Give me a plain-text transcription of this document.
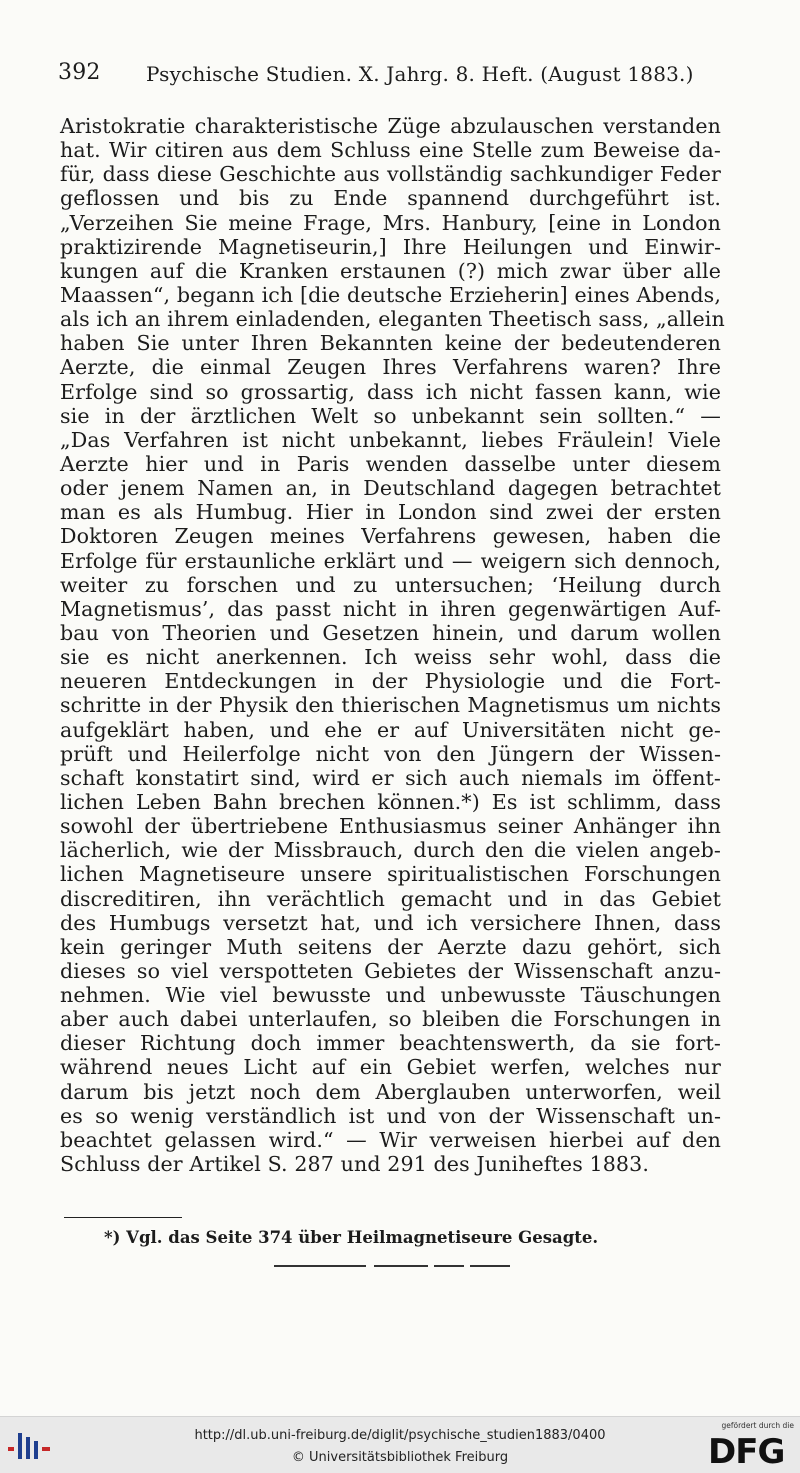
392 Psychische Studien. X. Jahrg. 8. Heft. (August 1883.)
Aristokratie charakteristische Züge abzulauschen verstanden
hat. Wir citiren aus dem Schluss eine Stelle zum Beweise da-
für, dass diese Geschichte aus vollständig sachkundiger Feder
geflossen und bis zu Ende spannend durchgeführt ist.
„Verzeihen Sie meine Frage, Mrs. Hanbury, [eine in London
praktizirende Magnetiseurin,] Ihre Heilungen und Einwir-
kungen auf die Kranken erstaunen (?) mich zwar über alle
Maassen“, begann ich [die deutsche Erzieherin] eines Abends,
als ich an ihrem einladenden, eleganten Theetisch sass, „allein
haben Sie unter Ihren Bekannten keine der bedeutenderen
Aerzte, die einmal Zeugen Ihres Verfahrens waren? Ihre
Erfolge sind so grossartig, dass ich nicht fassen kann, wie
sie in der ärztlichen Welt so unbekannt sein sollten.“ —
„Das Verfahren ist nicht unbekannt, liebes Fräulein! Viele
Aerzte hier und in Paris wenden dasselbe unter diesem
oder jenem Namen an, in Deutschland dagegen betrachtet
man es als Humbug. Hier in London sind zwei der ersten
Doktoren Zeugen meines Verfahrens gewesen, haben die
Erfolge für erstaunliche erklärt und — weigern sich dennoch,
weiter zu forschen und zu untersuchen; ‘Heilung durch
Magnetismus’, das passt nicht in ihren gegenwärtigen Auf-
bau von Theorien und Gesetzen hinein, und darum wollen
sie es nicht anerkennen. Ich weiss sehr wohl, dass die
neueren Entdeckungen in der Physiologie und die Fort-
schritte in der Physik den thierischen Magnetismus um nichts
aufgeklärt haben, und ehe er auf Universitäten nicht ge-
prüft und Heilerfolge nicht von den Jüngern der Wissen-
schaft konstatirt sind, wird er sich auch niemals im öffent-
lichen Leben Bahn brechen können.*) Es ist schlimm, dass
sowohl der übertriebene Enthusiasmus seiner Anhänger ihn
lächerlich, wie der Missbrauch, durch den die vielen angeb-
lichen Magnetiseure unsere spiritualistischen Forschungen
discreditiren, ihn verächtlich gemacht und in das Gebiet
des Humbugs versetzt hat, und ich versichere Ihnen, dass
kein geringer Muth seitens der Aerzte dazu gehört, sich
dieses so viel verspotteten Gebietes der Wissenschaft anzu-
nehmen. Wie viel bewusste und unbewusste Täuschungen
aber auch dabei unterlaufen, so bleiben die Forschungen in
dieser Richtung doch immer beachtenswerth, da sie fort-
während neues Licht auf ein Gebiet werfen, welches nur
darum bis jetzt noch dem Aberglauben unterworfen, weil
es so wenig verständlich ist und von der Wissenschaft un-
beachtet gelassen wird.“ — Wir verweisen hierbei auf den
Schluss der Artikel S. 287 und 291 des Juniheftes 1883.
*) Vgl. das Seite 374 über Heilmagnetiseure Gesagte.
http://dl.ub.uni-freiburg.de/diglit/psychische_studien1883/0400
© Universitätsbibliothek Freiburg
gefördert durch die
DFG
